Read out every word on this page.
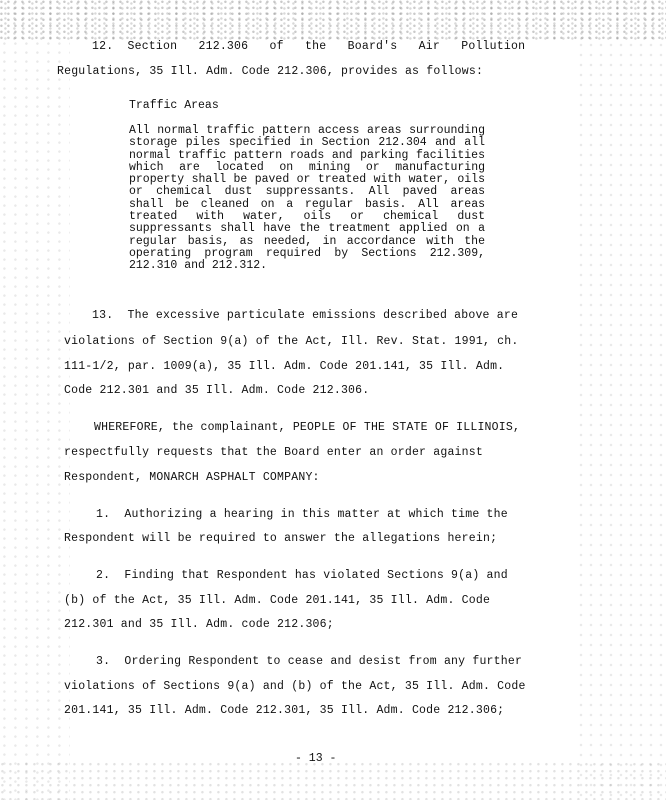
12.  Section   212.306   of   the   Board's   Air   Pollution
Regulations, 35 Ill. Adm. Code 212.306, provides as follows:
Traffic Areas
All normal traffic pattern access areas surrounding storage piles specified in Section 212.304 and all normal traffic pattern roads and parking facilities which are located on mining or manufacturing property shall be paved or treated with water, oils or chemical dust suppressants. All paved areas shall be cleaned on a regular basis. All areas treated with water, oils or chemical dust suppressants shall have the treatment applied on a regular basis, as needed, in accordance with the operating program required by Sections 212.309, 212.310 and 212.312.
13.  The excessive particulate emissions described above are
violations of Section 9(a) of the Act, Ill. Rev. Stat. 1991, ch.
111-1/2, par. 1009(a), 35 Ill. Adm. Code 201.141, 35 Ill. Adm.
Code 212.301 and 35 Ill. Adm. Code 212.306.
WHEREFORE, the complainant, PEOPLE OF THE STATE OF ILLINOIS,
respectfully requests that the Board enter an order against
Respondent, MONARCH ASPHALT COMPANY:
1.  Authorizing a hearing in this matter at which time the
Respondent will be required to answer the allegations herein;
2.  Finding that Respondent has violated Sections 9(a) and
(b) of the Act, 35 Ill. Adm. Code 201.141, 35 Ill. Adm. Code
212.301 and 35 Ill. Adm. code 212.306;
3.  Ordering Respondent to cease and desist from any further
violations of Sections 9(a) and (b) of the Act, 35 Ill. Adm. Code
201.141, 35 Ill. Adm. Code 212.301, 35 Ill. Adm. Code 212.306;
- 13 -
